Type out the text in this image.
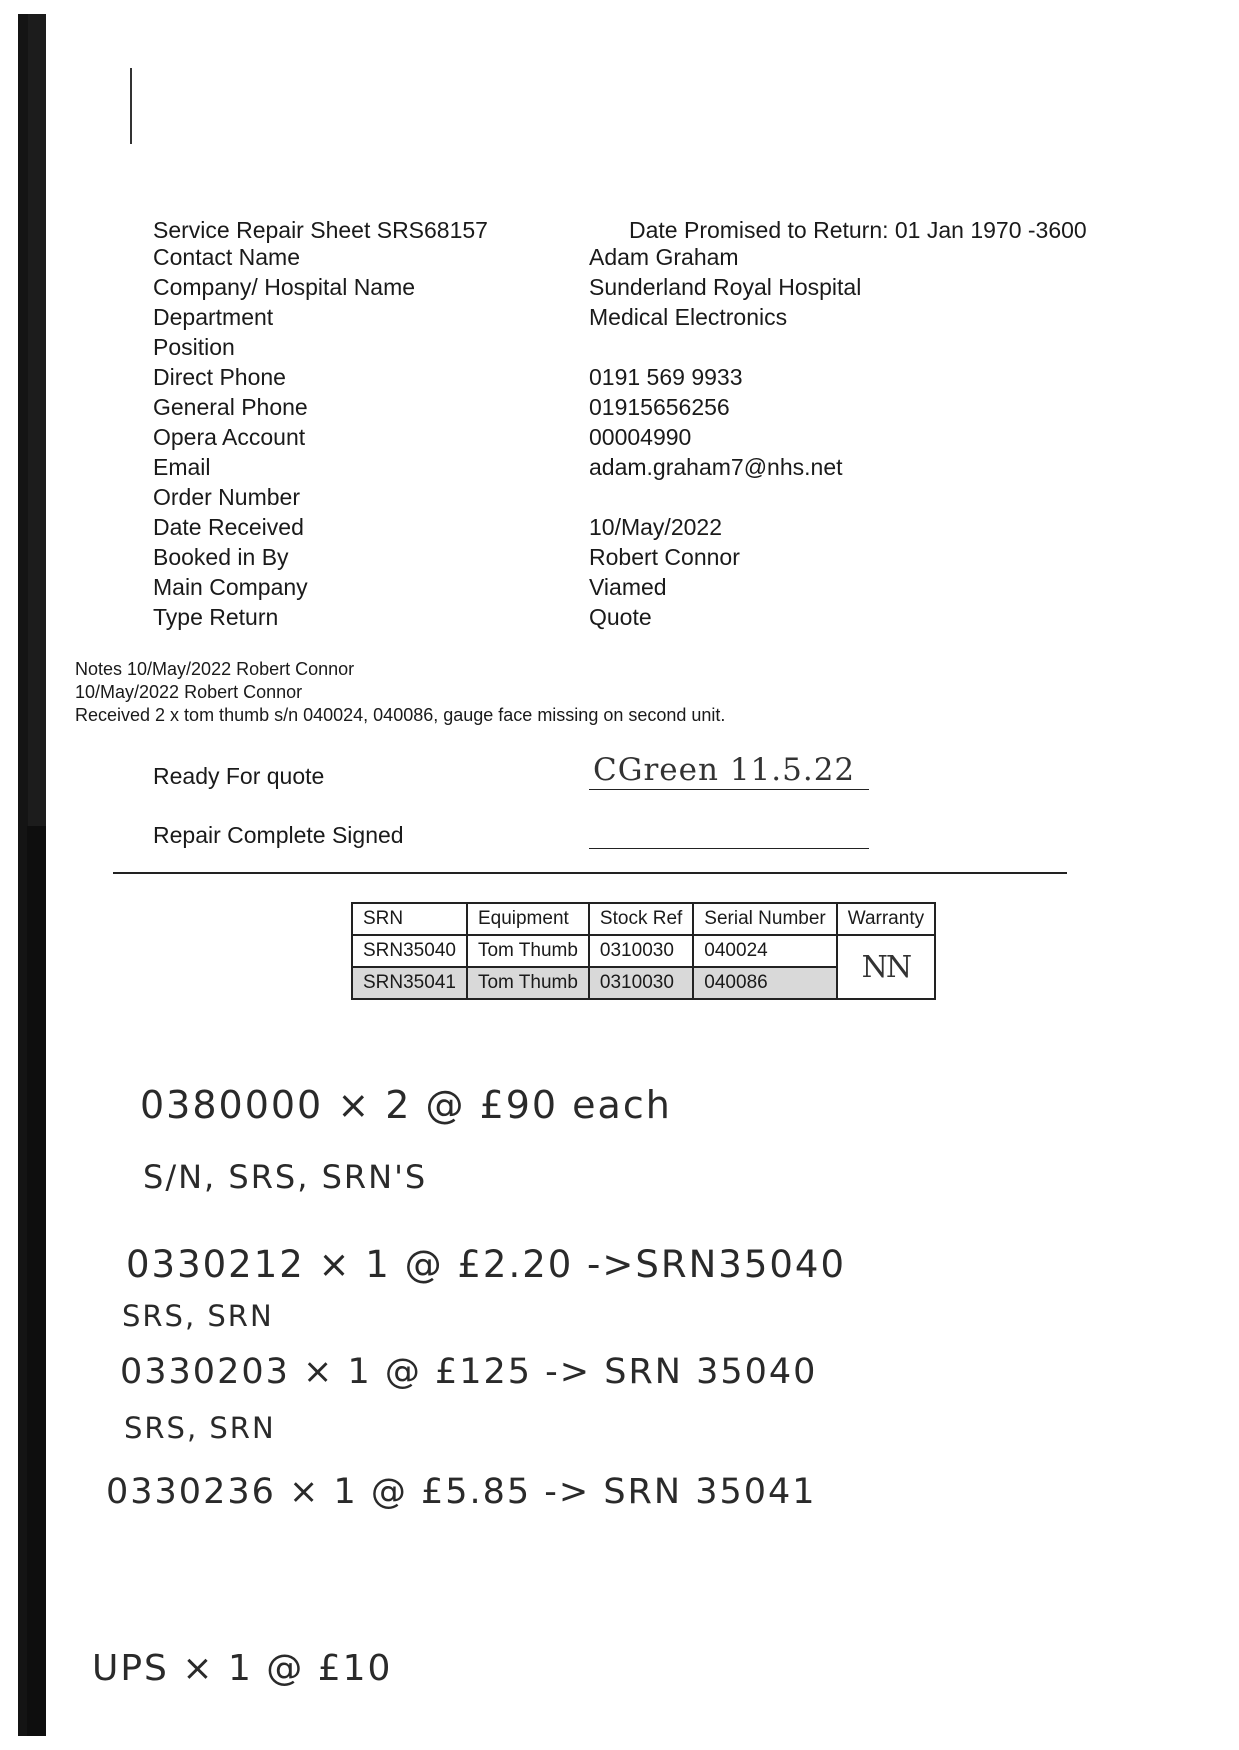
Service Repair Sheet SRS68157	Date Promised to Return: 01 Jan 1970 -3600
Contact Name	Adam Graham
Company/ Hospital Name	Sunderland Royal Hospital
Department	Medical Electronics
Position
Direct Phone	0191 569 9933
General Phone	01915656256
Opera Account	00004990
Email	adam.graham7@nhs.net
Order Number
Date Received	10/May/2022
Booked in By	Robert Connor
Main Company	Viamed
Type Return	Quote
Notes 10/May/2022 Robert Connor
10/May/2022 Robert Connor
Received 2 x tom thumb s/n 040024, 040086, gauge face missing on second unit.
Ready For quote	CGreen 11.5.22
Repair Complete Signed
SRN	Equipment	Stock Ref	Serial Number	Warranty
SRN35040	Tom Thumb	0310030	040024	NN
SRN35041	Tom Thumb	0310030	040086	
0380000 × 2 @ £90 each
S/N, SRS, SRN'S
0330212 × 1 @ £2.20 ->SRN35040
SRS, SRN
0330203 × 1 @ £125 -> SRN 35040
SRS, SRN
0330236 × 1 @ £5.85 -> SRN 35041
UPS × 1 @ £10
